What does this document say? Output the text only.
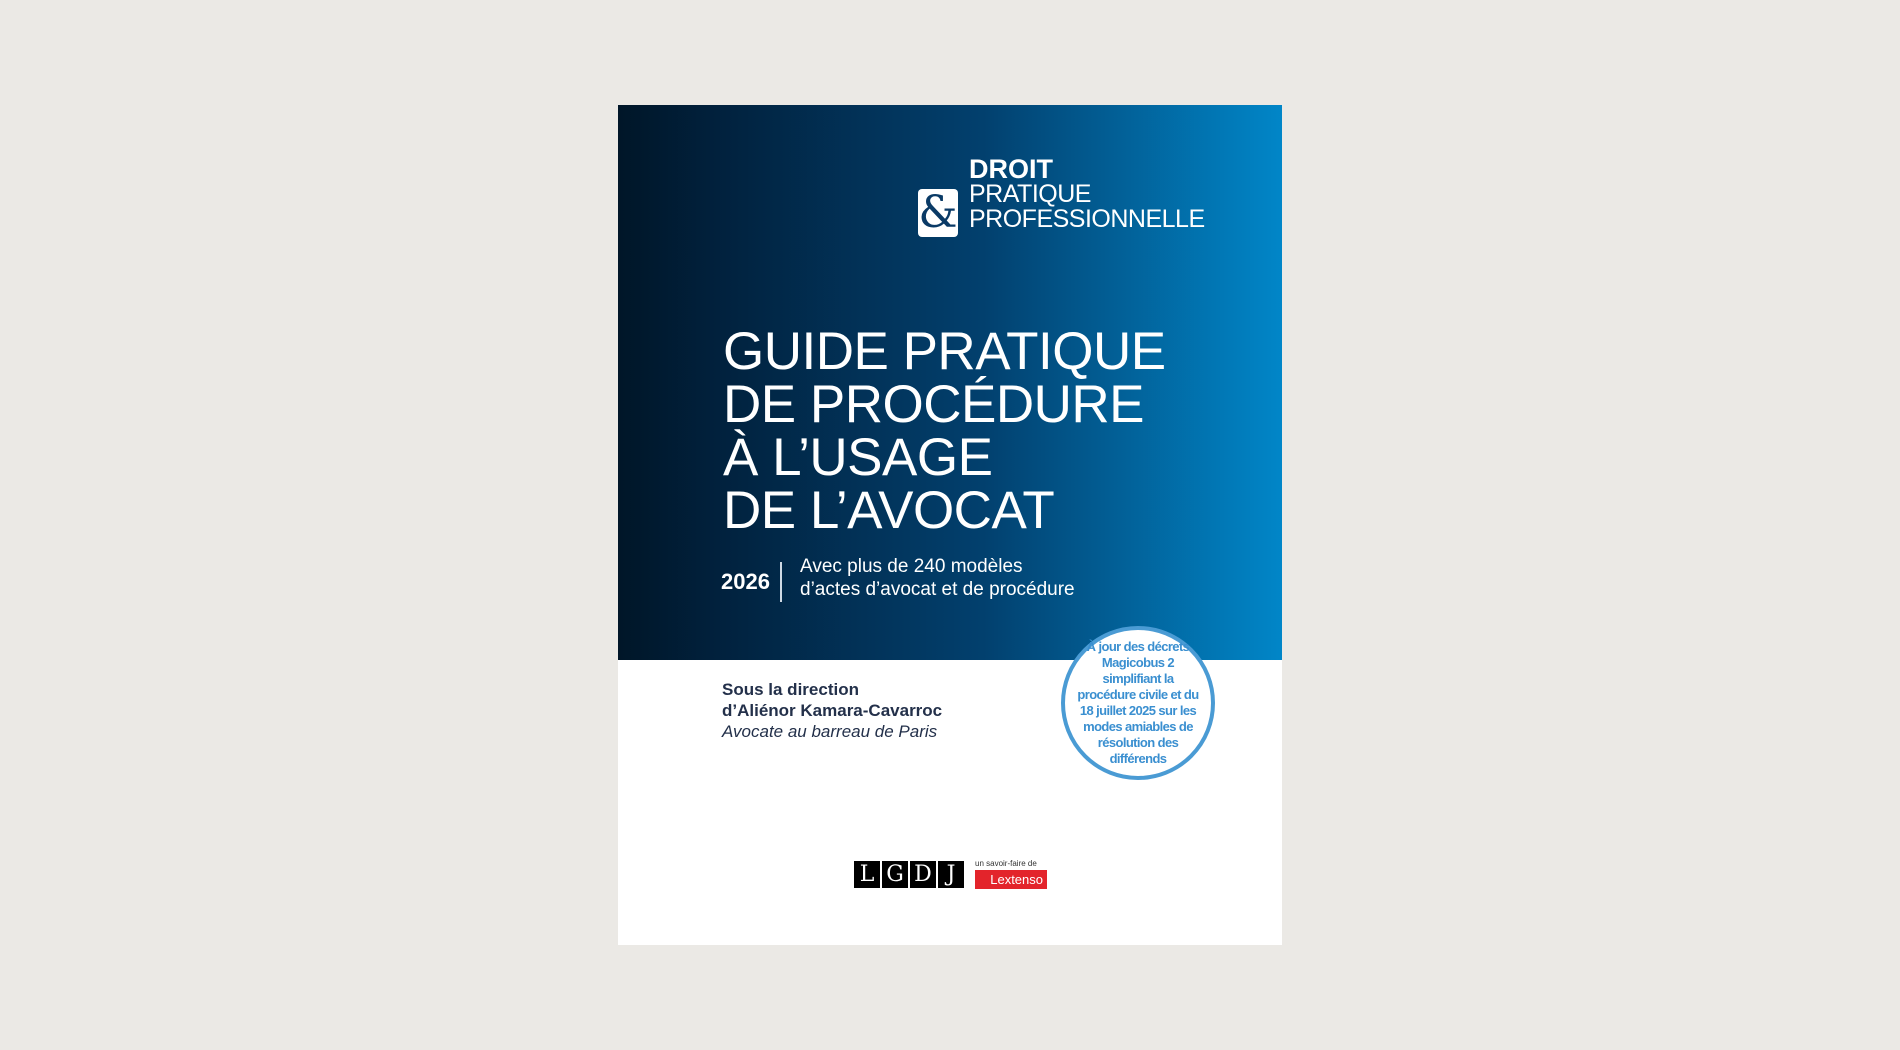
&
DROIT
PRATIQUE
PROFESSIONNELLE
GUIDE PRATIQUE
DE PROCÉDURE
À L’USAGE
DE L’AVOCAT
2026
Avec plus de 240 modèles
d’actes d’avocat et de procédure
Sous la direction
d’Aliénor Kamara-Cavarroc
Avocate au barreau de Paris
À jour des décrets Magicobus 2 simplifiant la procédure civile et du 18 juillet 2025 sur les modes amiables de résolution des différends
L G D J	un savoir-faire de
Lextenso
